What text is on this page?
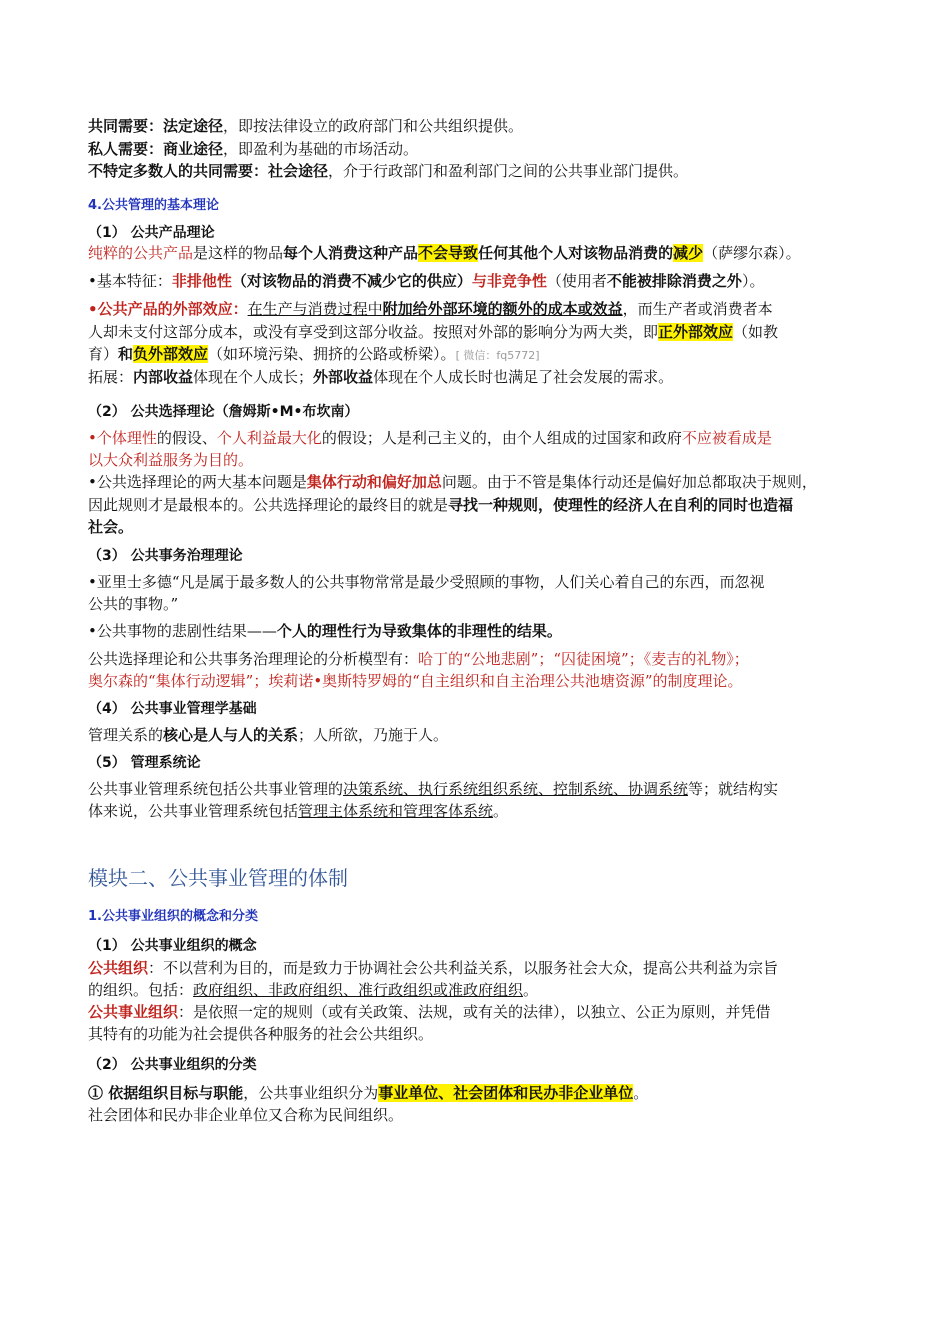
共同需要：法定途径，即按法律设立的政府部门和公共组织提供。
私人需要：商业途径，即盈利为基础的市场活动。
不特定多数人的共同需要：社会途径，介于行政部门和盈利部门之间的公共事业部门提供。
4.公共管理的基本理论
（1） 公共产品理论
纯粹的公共产品是这样的物品每个人消费这种产品不会导致任何其他个人对该物品消费的减少（萨缪尔森）。
•基本特征：非排他性（对该物品的消费不减少它的供应）与非竞争性（使用者不能被排除消费之外）。
•公共产品的外部效应：在生产与消费过程中附加给外部环境的额外的成本或效益，而生产者或消费者本
人却未支付这部分成本，或没有享受到这部分收益。按照对外部的影响分为两大类，即正外部效应（如教
育）和负外部效应（如环境污染、拥挤的公路或桥梁）。[ 微信：fq5772]
拓展：内部收益体现在个人成长；外部收益体现在个人成长时也满足了社会发展的需求。
（2） 公共选择理论（詹姆斯•M•布坎南）
•个体理性的假设、个人利益最大化的假设；人是利己主义的，由个人组成的过国家和政府不应被看成是
以大众利益服务为目的。
•公共选择理论的两大基本问题是集体行动和偏好加总问题。由于不管是集体行动还是偏好加总都取决于规则，
因此规则才是最根本的。公共选择理论的最终目的就是寻找一种规则，使理性的经济人在自利的同时也造福
社会。
（3） 公共事务治理理论
•亚里士多德“凡是属于最多数人的公共事物常常是最少受照顾的事物，人们关心着自己的东西，而忽视
公共的事物。”
•公共事物的悲剧性结果——个人的理性行为导致集体的非理性的结果。
公共选择理论和公共事务治理理论的分析模型有：哈丁的“公地悲剧”；“囚徒困境”；《麦吉的礼物》；
奥尔森的“集体行动逻辑”；埃莉诺•奥斯特罗姆的“自主组织和自主治理公共池塘资源”的制度理论。
（4） 公共事业管理学基础
管理关系的核心是人与人的关系；人所欲，乃施于人。
（5） 管理系统论
公共事业管理系统包括公共事业管理的决策系统、执行系统组织系统、控制系统、协调系统等；就结构实
体来说，公共事业管理系统包括管理主体系统和管理客体系统。
模块二、公共事业管理的体制
1.公共事业组织的概念和分类
（1） 公共事业组织的概念
公共组织：不以营利为目的，而是致力于协调社会公共利益关系，以服务社会大众，提高公共利益为宗旨
的组织。包括：政府组织、非政府组织、准行政组织或准政府组织。
公共事业组织：是依照一定的规则（或有关政策、法规，或有关的法律），以独立、公正为原则，并凭借
其特有的功能为社会提供各种服务的社会公共组织。
（2） 公共事业组织的分类
① 依据组织目标与职能，公共事业组织分为事业单位、社会团体和民办非企业单位。
社会团体和民办非企业单位又合称为民间组织。
